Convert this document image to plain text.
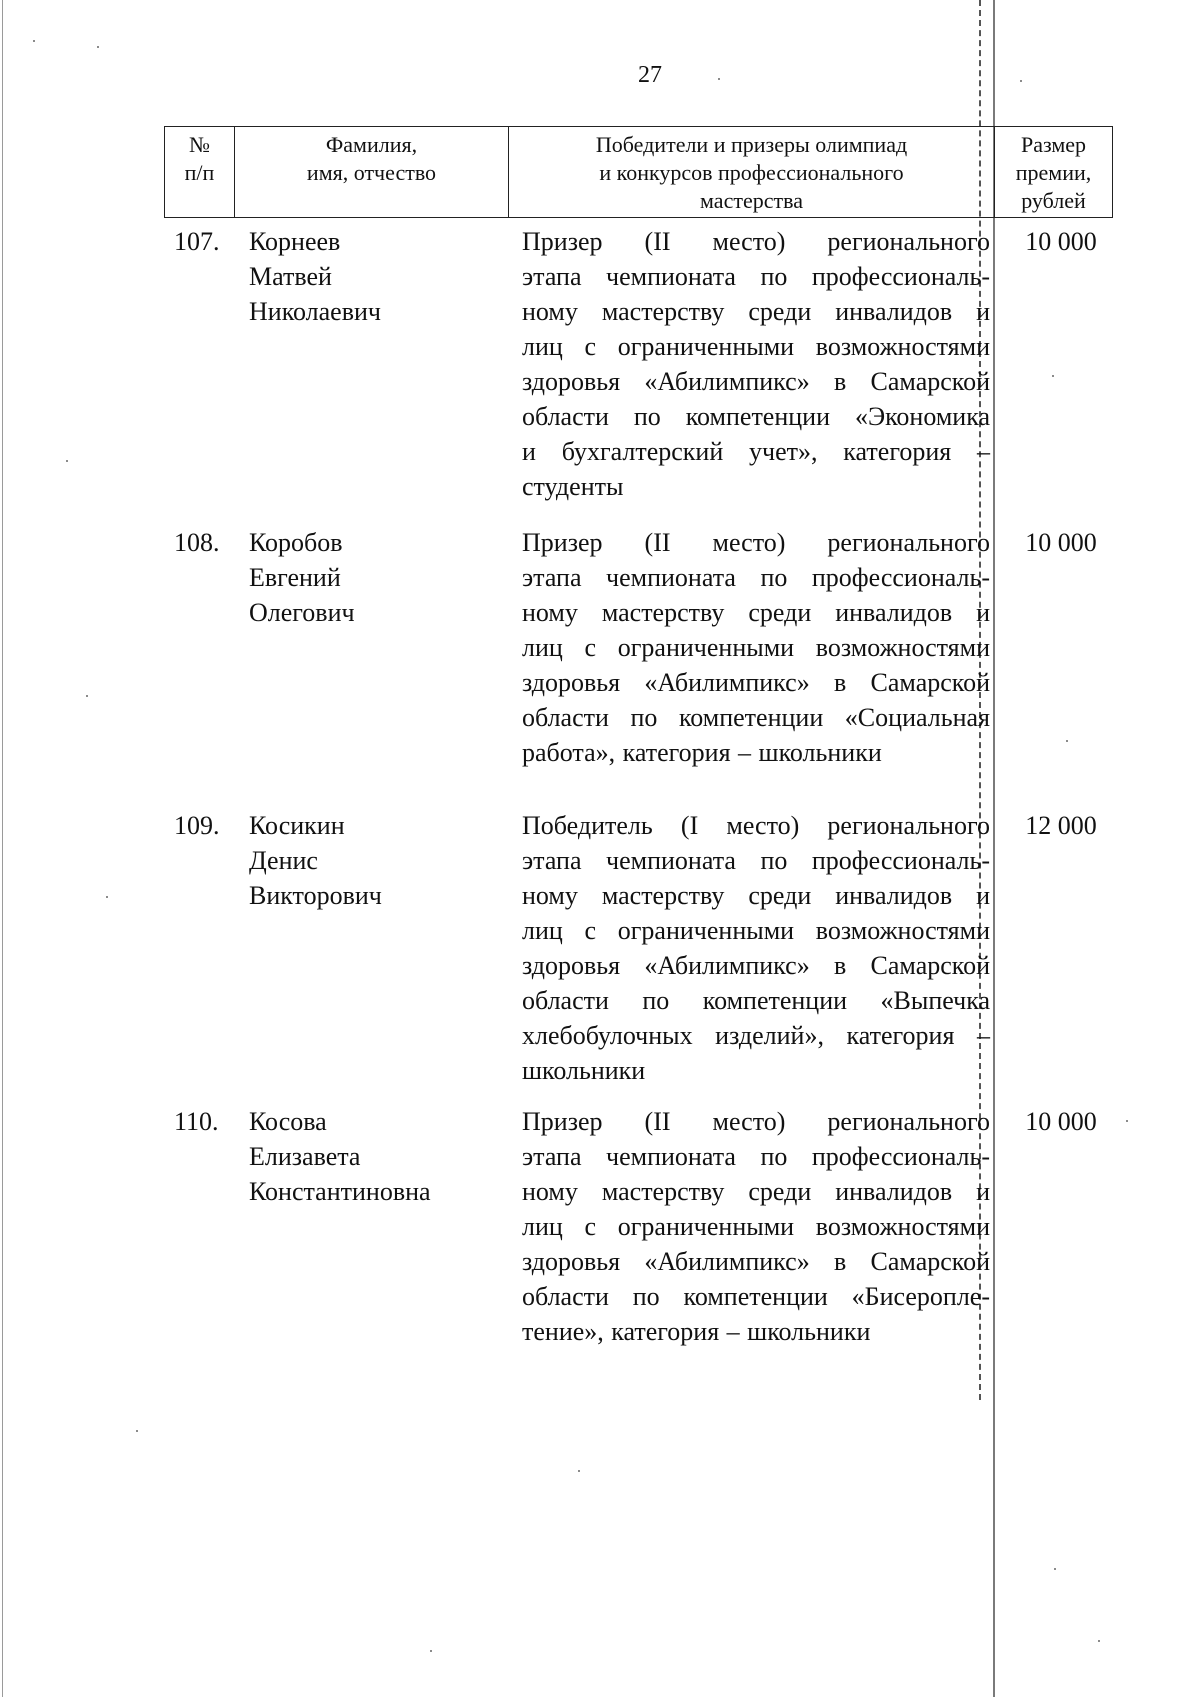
27
№
п/п
Фамилия,
имя, отчество
Победители и призеры олимпиад
и конкурсов профессионального
мастерства
Размер
премии,
рублей
107. Корнеев
Матвей
Николаевич
Призер (II место) регионального
этапа чемпионата по профессиональ-
ному мастерству среди инвалидов и
лиц с ограниченными возможностями
здоровья «Абилимпикс» в Самарской
области по компетенции «Экономика
и бухгалтерский учет», категория –
студенты
10 000
108. Коробов
Евгений
Олегович
Призер (II место) регионального
этапа чемпионата по профессиональ-
ному мастерству среди инвалидов и
лиц с ограниченными возможностями
здоровья «Абилимпикс» в Самарской
области по компетенции «Социальная
работа», категория – школьники
10 000
109. Косикин
Денис
Викторович
Победитель (I место) регионального
этапа чемпионата по профессиональ-
ному мастерству среди инвалидов и
лиц с ограниченными возможностями
здоровья «Абилимпикс» в Самарской
области по компетенции «Выпечка
хлебобулочных изделий», категория –
школьники
12 000
110. Косова
Елизавета
Константиновна
Призер (II место) регионального
этапа чемпионата по профессиональ-
ному мастерству среди инвалидов и
лиц с ограниченными возможностями
здоровья «Абилимпикс» в Самарской
области по компетенции «Бисероплe-
тение», категория – школьники
10 000
